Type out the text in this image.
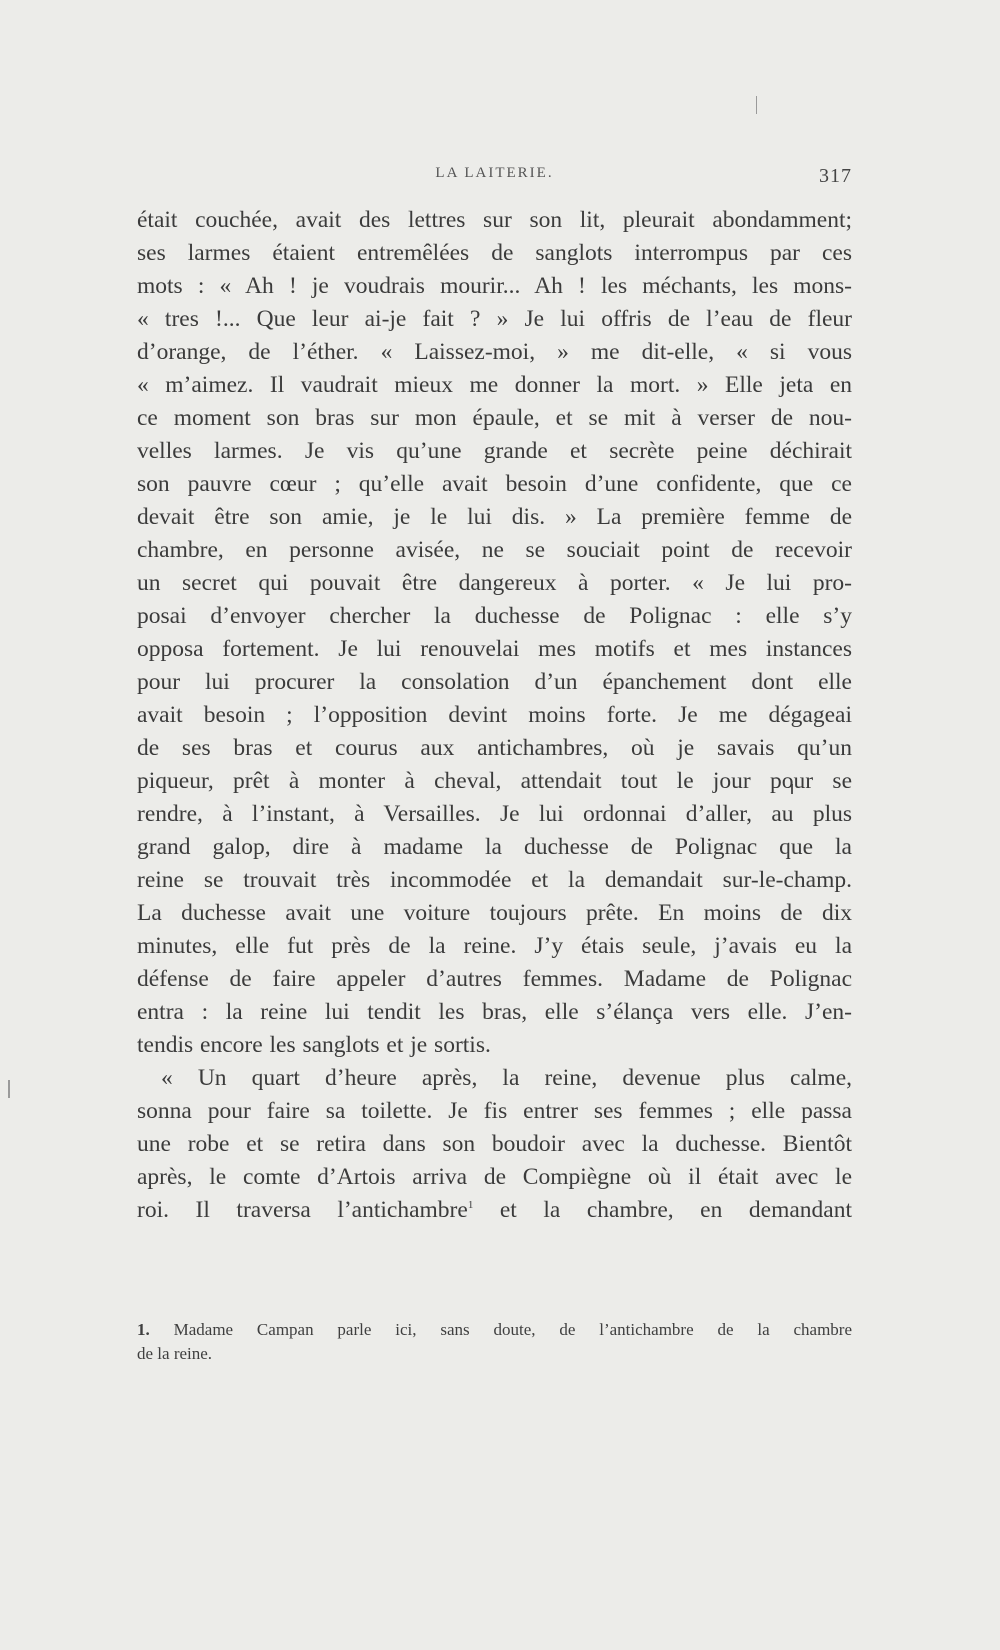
LA LAITERIE.	317
était couchée, avait des lettres sur son lit, pleurait abondamment;
ses larmes étaient entremêlées de sanglots interrompus par ces
mots : « Ah ! je voudrais mourir... Ah ! les méchants, les mons-
« tres !... Que leur ai-je fait ? » Je lui offris de l’eau de fleur
d’orange, de l’éther. « Laissez-moi, » me dit-elle, « si vous
« m’aimez. Il vaudrait mieux me donner la mort. » Elle jeta en
ce moment son bras sur mon épaule, et se mit à verser de nou-
velles larmes. Je vis qu’une grande et secrète peine déchirait
son pauvre cœur ; qu’elle avait besoin d’une confidente, que ce
devait être son amie, je le lui dis. » La première femme de
chambre, en personne avisée, ne se souciait point de recevoir
un secret qui pouvait être dangereux à porter. « Je lui pro-
posai d’envoyer chercher la duchesse de Polignac : elle s’y
opposa fortement. Je lui renouvelai mes motifs et mes instances
pour lui procurer la consolation d’un épanchement dont elle
avait besoin ; l’opposition devint moins forte. Je me dégageai
de ses bras et courus aux antichambres, où je savais qu’un
piqueur, prêt à monter à cheval, attendait tout le jour pour se
rendre, à l’instant, à Versailles. Je lui ordonnai d’aller, au plus
grand galop, dire à madame la duchesse de Polignac que la
reine se trouvait très incommodée et la demandait sur-le-champ.
La duchesse avait une voiture toujours prête. En moins de dix
minutes, elle fut près de la reine. J’y étais seule, j’avais eu la
défense de faire appeler d’autres femmes. Madame de Polignac
entra : la reine lui tendit les bras, elle s’élança vers elle. J’en-
tendis encore les sanglots et je sortis.
« Un quart d’heure après, la reine, devenue plus calme,
sonna pour faire sa toilette. Je fis entrer ses femmes ; elle passa
une robe et se retira dans son boudoir avec la duchesse. Bientôt
après, le comte d’Artois arriva de Compiègne où il était avec le
roi. Il traversa l’antichambre$^1$ et la chambre, en demandant
1. Madame Campan parle ici, sans doute, de l’antichambre de la chambre
de la reine.
